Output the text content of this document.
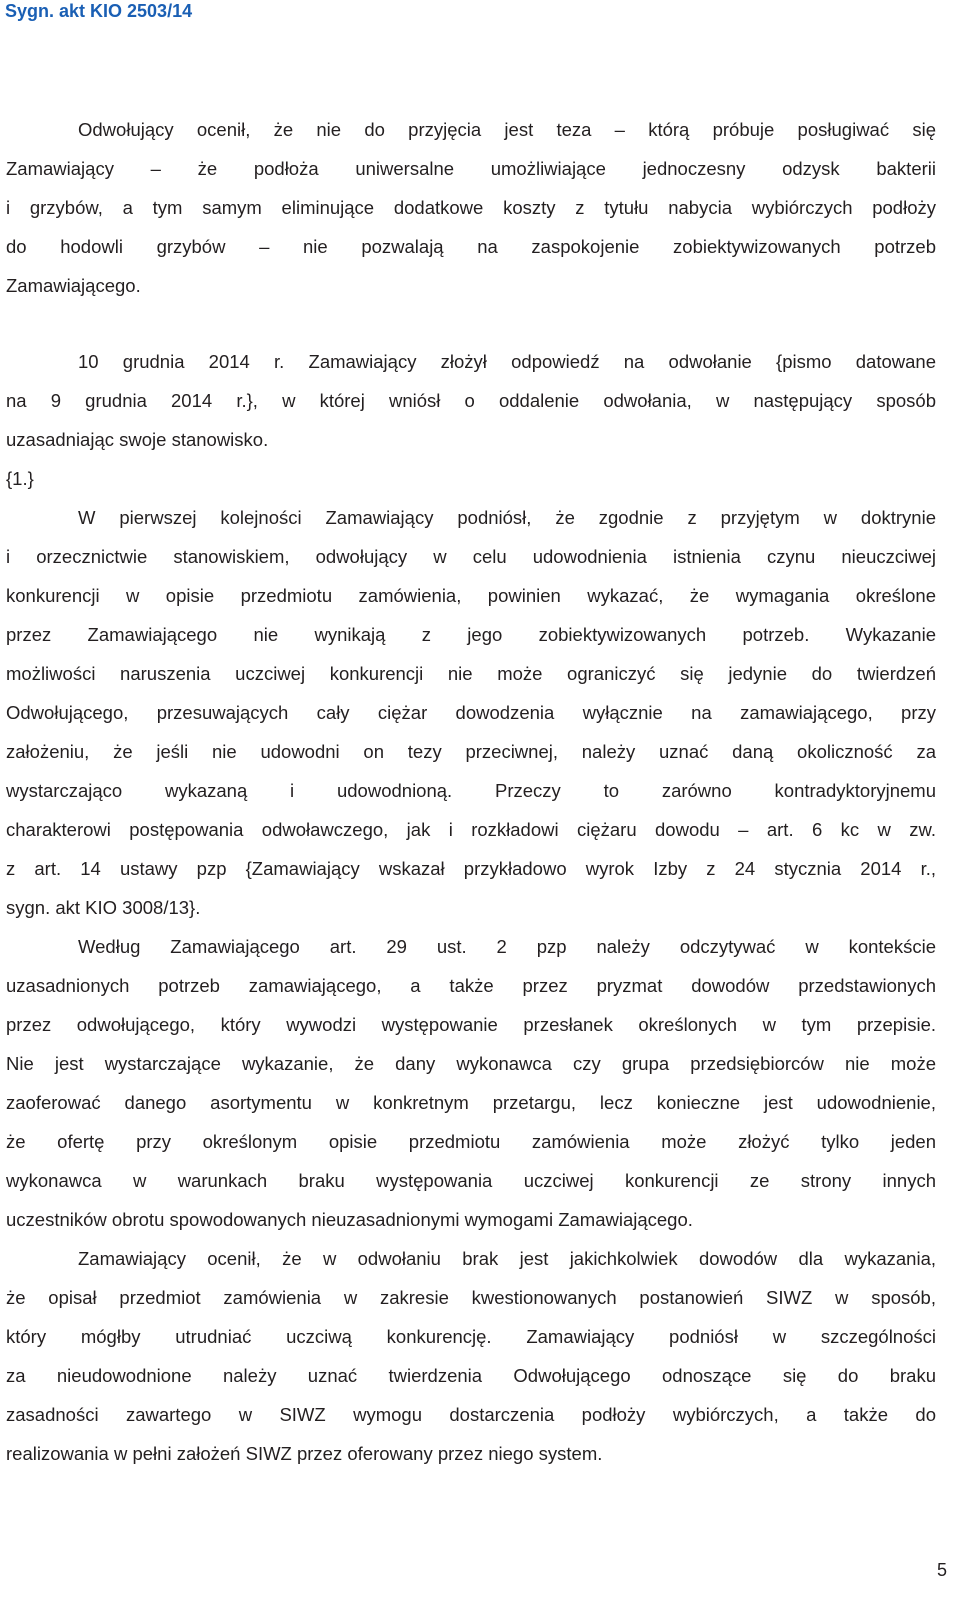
Sygn. akt KIO 2503/14
Odwołujący ocenił, że nie do przyjęcia jest teza – którą próbuje posługiwać się
Zamawiający – że podłoża uniwersalne umożliwiające jednoczesny odzysk bakterii
i grzybów, a tym samym eliminujące dodatkowe koszty z tytułu nabycia wybiórczych podłoży
do hodowli grzybów – nie pozwalają na zaspokojenie zobiektywizowanych potrzeb
Zamawiającego.
10 grudnia 2014 r. Zamawiający złożył odpowiedź na odwołanie {pismo datowane
na 9 grudnia 2014 r.}, w której wniósł o oddalenie odwołania, w następujący sposób
uzasadniając swoje stanowisko.
{1.}
W pierwszej kolejności Zamawiający podniósł, że zgodnie z przyjętym w doktrynie
i orzecznictwie stanowiskiem, odwołujący w celu udowodnienia istnienia czynu nieuczciwej
konkurencji w opisie przedmiotu zamówienia, powinien wykazać, że wymagania określone
przez Zamawiającego nie wynikają z jego zobiektywizowanych potrzeb. Wykazanie
możliwości naruszenia uczciwej konkurencji nie może ograniczyć się jedynie do twierdzeń
Odwołującego, przesuwających cały ciężar dowodzenia wyłącznie na zamawiającego, przy
założeniu, że jeśli nie udowodni on tezy przeciwnej, należy uznać daną okoliczność za
wystarczająco wykazaną i udowodnioną. Przeczy to zarówno kontradyktoryjnemu
charakterowi postępowania odwoławczego, jak i rozkładowi ciężaru dowodu – art. 6 kc w zw.
z art. 14 ustawy pzp {Zamawiający wskazał przykładowo wyrok Izby z 24 stycznia 2014 r.,
sygn. akt KIO 3008/13}.
Według Zamawiającego art. 29 ust. 2 pzp należy odczytywać w kontekście
uzasadnionych potrzeb zamawiającego, a także przez pryzmat dowodów przedstawionych
przez odwołującego, który wywodzi występowanie przesłanek określonych w tym przepisie.
Nie jest wystarczające wykazanie, że dany wykonawca czy grupa przedsiębiorców nie może
zaoferować danego asortymentu w konkretnym przetargu, lecz konieczne jest udowodnienie,
że ofertę przy określonym opisie przedmiotu zamówienia może złożyć tylko jeden
wykonawca w warunkach braku występowania uczciwej konkurencji ze strony innych
uczestników obrotu spowodowanych nieuzasadnionymi wymogami Zamawiającego.
Zamawiający ocenił, że w odwołaniu brak jest jakichkolwiek dowodów dla wykazania,
że opisał przedmiot zamówienia w zakresie kwestionowanych postanowień SIWZ w sposób,
który mógłby utrudniać uczciwą konkurencję. Zamawiający podniósł w szczególności
za nieudowodnione należy uznać twierdzenia Odwołującego odnoszące się do braku
zasadności zawartego w SIWZ wymogu dostarczenia podłoży wybiórczych, a także do
realizowania w pełni założeń SIWZ przez oferowany przez niego system.
5
